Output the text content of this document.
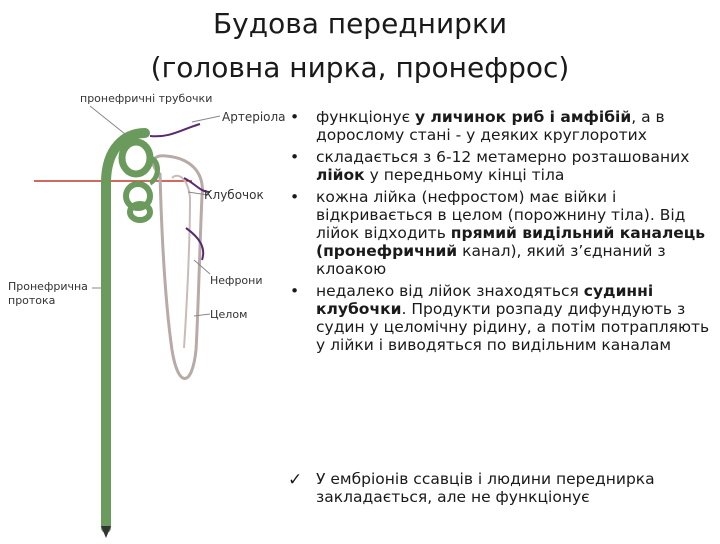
Будова переднирки
(головна нирка, пронефрос)
пронефричні трубочки
Артеріола
Клубочок
Пронефрична
протока
Нефрони
Целом
• функціонує у личинок риб і амфібій, а в дорослому стані - у деяких круглоротих
• складається з 6-12 метамерно розташованих лійок у передньому кінці тіла
• кожна лійка (нефростом) має війки і відкривається в целом (порожнину тіла). Від лійок відходить прямий видільний каналець (пронефричний канал), який з’єднаний з клоакою
• недалеко від лійок знаходяться судинні клубочки. Продукти розпаду дифундують з судин у целомічну рідину, а потім потрапляють у лійки і виводяться по видільним каналам
✓ У ембріонів ссавців і людини переднирка закладається, але не функціонує
